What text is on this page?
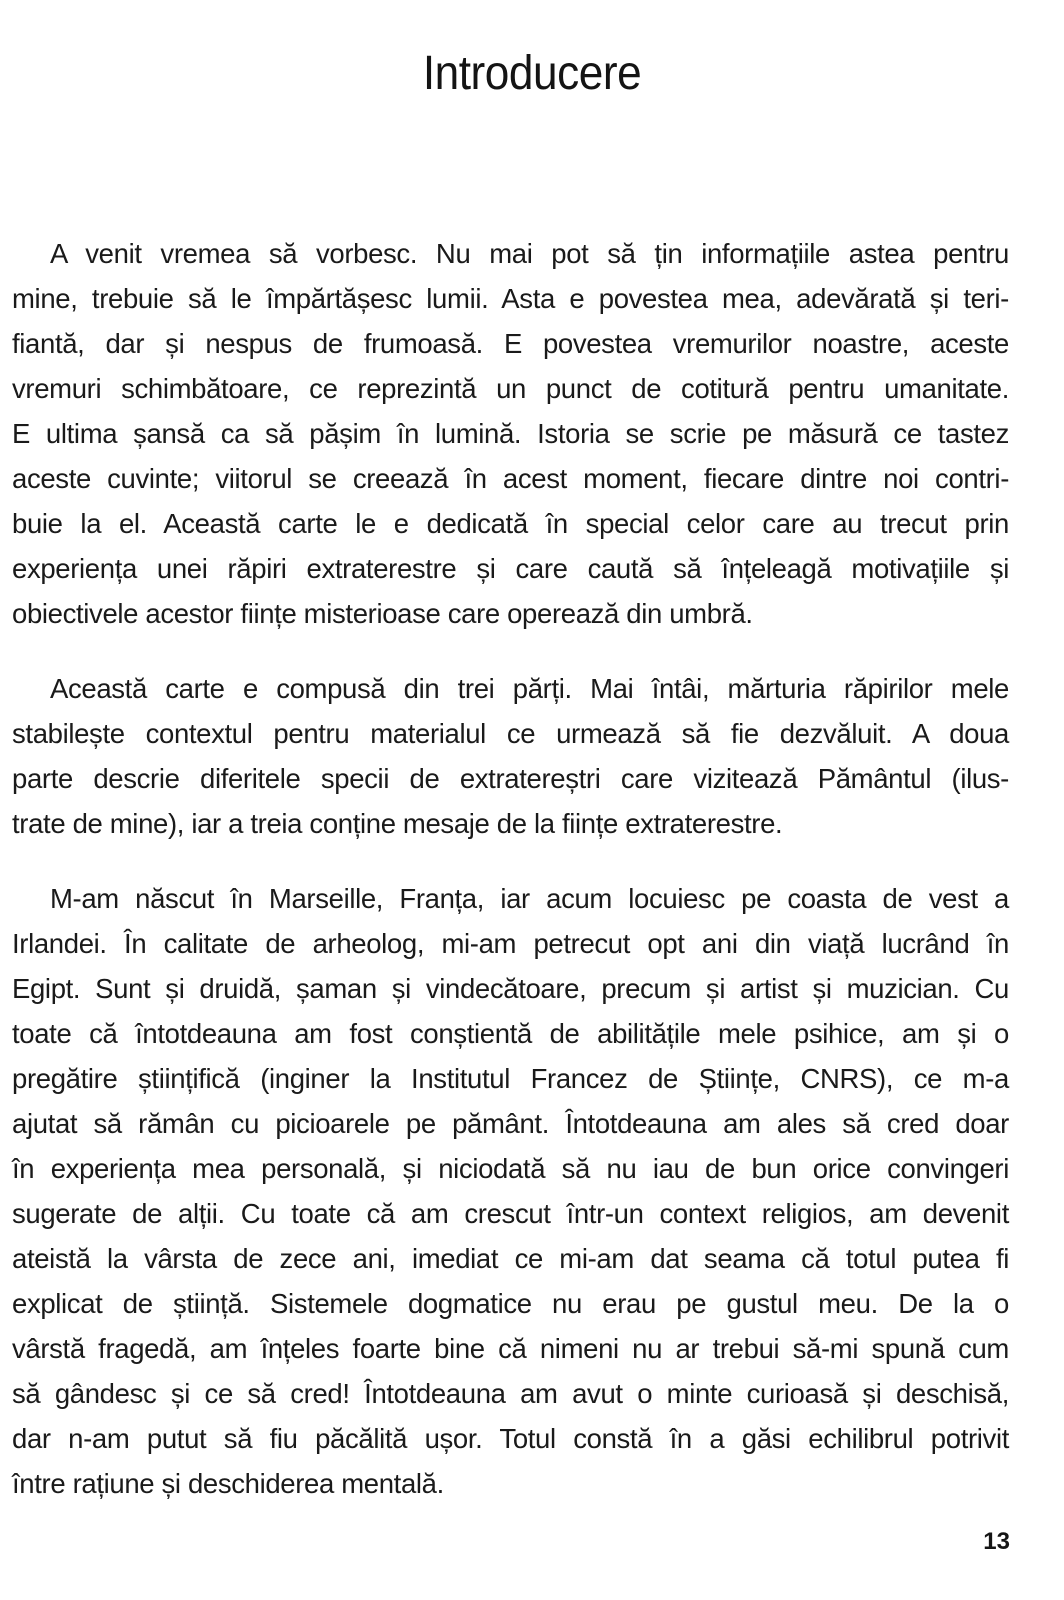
Introducere
A venit vremea să vorbesc. Nu mai pot să țin informațiile astea pentru
mine, trebuie să le împărtășesc lumii. Asta e povestea mea, adevărată și teri-
fiantă, dar și nespus de frumoasă. E povestea vremurilor noastre, aceste
vremuri schimbătoare, ce reprezintă un punct de cotitură pentru umanitate.
E ultima șansă ca să pășim în lumină. Istoria se scrie pe măsură ce tastez
aceste cuvinte; viitorul se creează în acest moment, fiecare dintre noi contri-
buie la el. Această carte le e dedicată în special celor care au trecut prin
experiența unei răpiri extraterestre și care caută să înțeleagă motivațiile și
obiectivele acestor ființe misterioase care operează din umbră.
Această carte e compusă din trei părți. Mai întâi, mărturia răpirilor mele
stabilește contextul pentru materialul ce urmează să fie dezvăluit. A doua
parte descrie diferitele specii de extratereștri care vizitează Pământul (ilus-
trate de mine), iar a treia conține mesaje de la ființe extraterestre.
M-am născut în Marseille, Franța, iar acum locuiesc pe coasta de vest a
Irlandei. În calitate de arheolog, mi-am petrecut opt ani din viață lucrând în
Egipt. Sunt și druidă, șaman și vindecătoare, precum și artist și muzician. Cu
toate că întotdeauna am fost conștientă de abilitățile mele psihice, am și o
pregătire științifică (inginer la Institutul Francez de Științe, CNRS), ce m-a
ajutat să rămân cu picioarele pe pământ. Întotdeauna am ales să cred doar
în experiența mea personală, și niciodată să nu iau de bun orice convingeri
sugerate de alții. Cu toate că am crescut într-un context religios, am devenit
ateistă la vârsta de zece ani, imediat ce mi-am dat seama că totul putea fi
explicat de știință. Sistemele dogmatice nu erau pe gustul meu. De la o
vârstă fragedă, am înțeles foarte bine că nimeni nu ar trebui să-mi spună cum
să gândesc și ce să cred! Întotdeauna am avut o minte curioasă și deschisă,
dar n-am putut să fiu păcălită ușor. Totul constă în a găsi echilibrul potrivit
între rațiune și deschiderea mentală.
13
